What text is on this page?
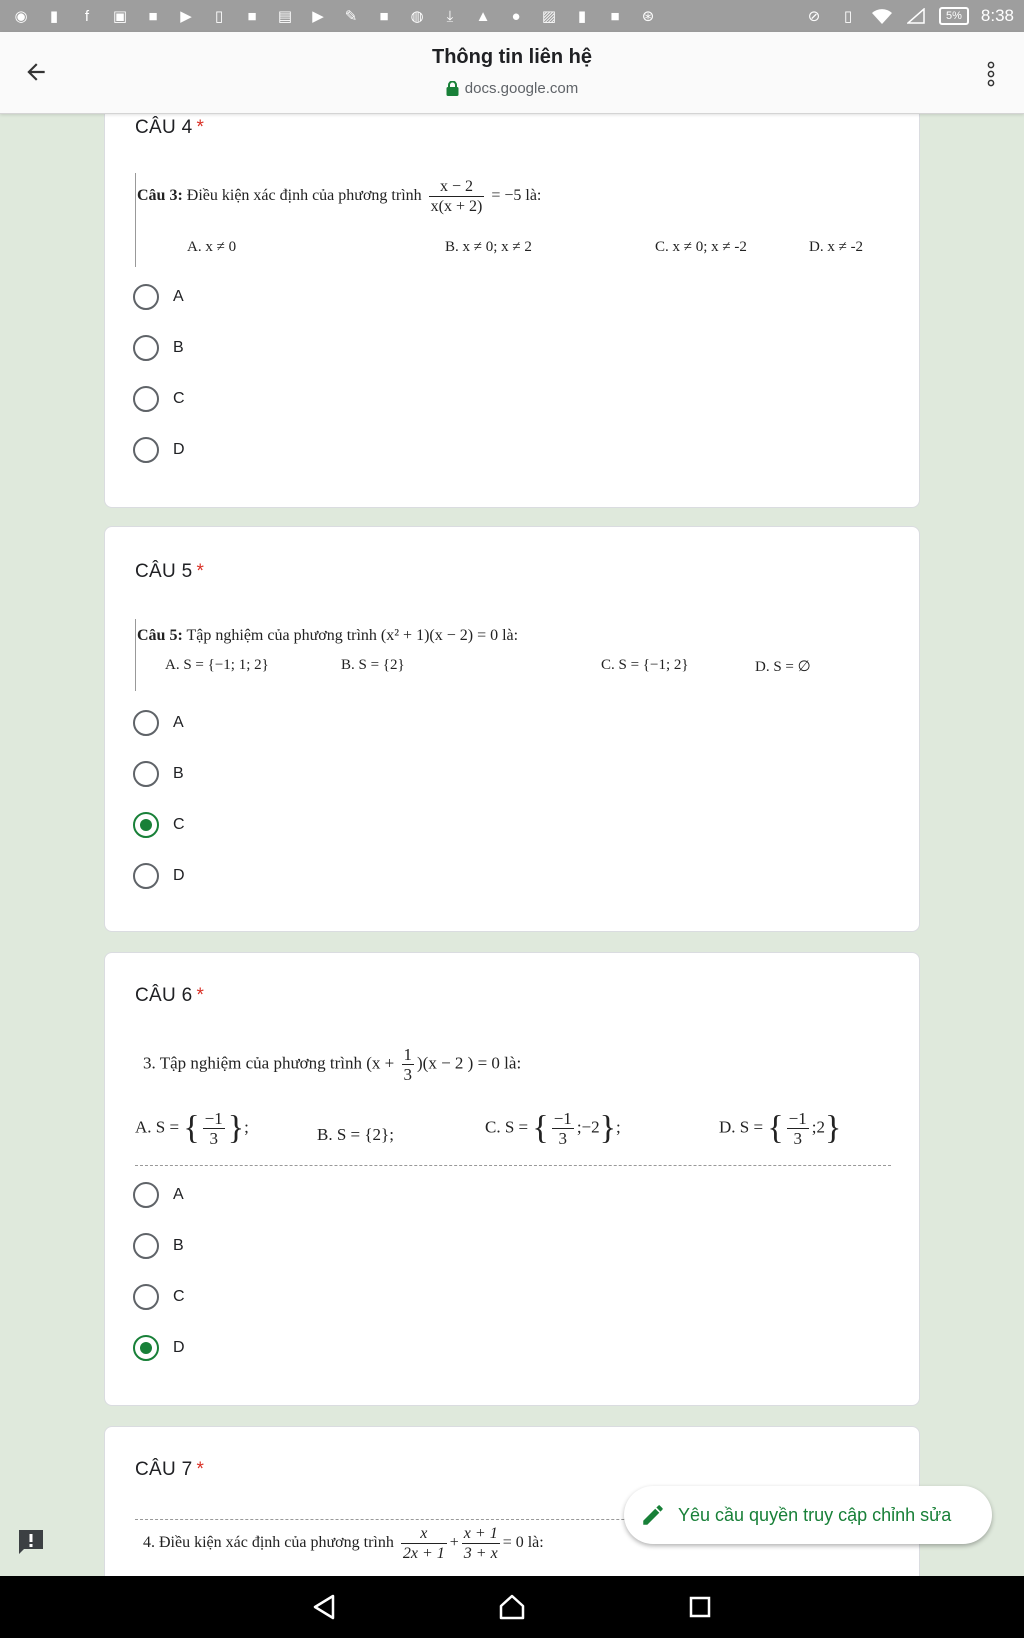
◉	▮	f	▣	■	▶	▯	■	▤	▶	✎	■	◍	⤓	▲	●	▨	▮	■	⊛	⊘	▯	5%	8:38
Thông tin liên hệ
docs.google.com
CÂU 4 *
Câu 3: Điều kiện xác định của phương trình $\frac{x - 2}{x(x + 2)} = -5$ là:
A. x ≠ 0	B. x ≠ 0; x ≠ 2	C. x ≠ 0; x ≠ -2	D. x ≠ -2
A
B
C
D
CÂU 5 *
Câu 5: Tập nghiệm của phương trình (x² + 1)(x − 2) = 0 là:
A. S = {−1; 1; 2}	B. S = {2}	C. S = {−1; 2}	D. S = ∅
A
B
C
D
CÂU 6 *
3. Tập nghiệm của phương trình $(x + \frac{1}{3} )(x - 2$ ) = 0 là:
A. S = { $\frac{-1}{3}$ };	B. S = {2};	C. S = { $\frac{-1}{3}$ ;−2};	D. S = { $\frac{-1}{3}$ ;2}
A
B
C
D
CÂU 7 *
4. Điều kiện xác định của phương trình $\frac{x}{2x + 1} + \frac{x + 1}{3 + x} = 0$ là:
Yêu cầu quyền truy cập chỉnh sửa
